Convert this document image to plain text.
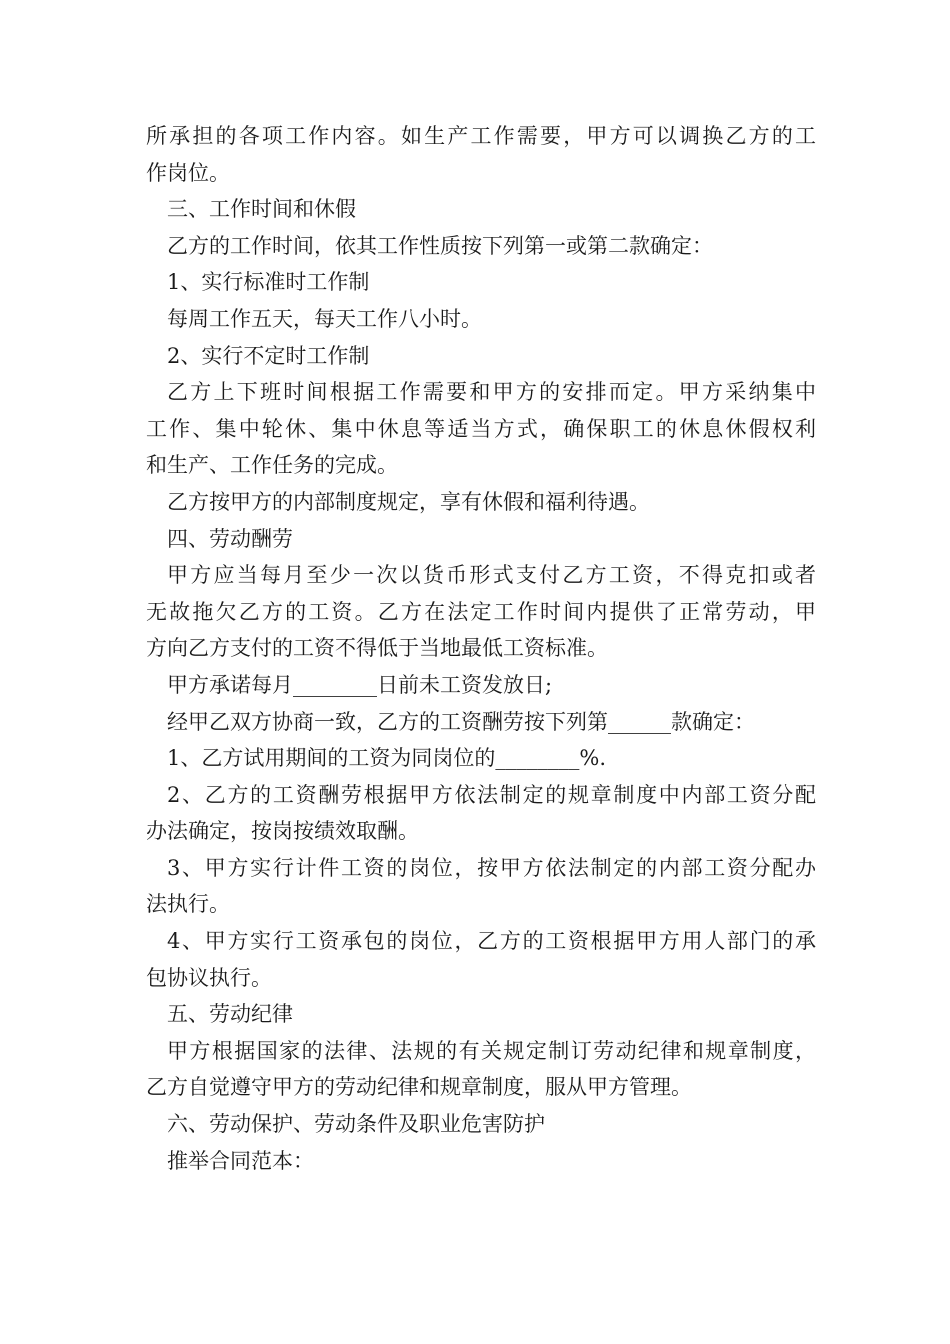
所承担的各项工作内容。如生产工作需要，甲方可以调换乙方的工
作岗位。
三、工作时间和休假
乙方的工作时间，依其工作性质按下列第一或第二款确定：
1、实行标准时工作制
每周工作五天，每天工作八小时。
2、实行不定时工作制
乙方上下班时间根据工作需要和甲方的安排而定。甲方采纳集中
工作、集中轮休、集中休息等适当方式，确保职工的休息休假权利
和生产、工作任务的完成。
乙方按甲方的内部制度规定，享有休假和福利待遇。
四、劳动酬劳
甲方应当每月至少一次以货币形式支付乙方工资，不得克扣或者
无故拖欠乙方的工资。乙方在法定工作时间内提供了正常劳动，甲
方向乙方支付的工资不得低于当地最低工资标准。
甲方承诺每月________日前未工资发放日;
经甲乙双方协商一致，乙方的工资酬劳按下列第______款确定：
1、乙方试用期间的工资为同岗位的________%.
2、乙方的工资酬劳根据甲方依法制定的规章制度中内部工资分配
办法确定，按岗按绩效取酬。
3、甲方实行计件工资的岗位，按甲方依法制定的内部工资分配办
法执行。
4、甲方实行工资承包的岗位，乙方的工资根据甲方用人部门的承
包协议执行。
五、劳动纪律
甲方根据国家的法律、法规的有关规定制订劳动纪律和规章制度，
乙方自觉遵守甲方的劳动纪律和规章制度，服从甲方管理。
六、劳动保护、劳动条件及职业危害防护
推举合同范本：
